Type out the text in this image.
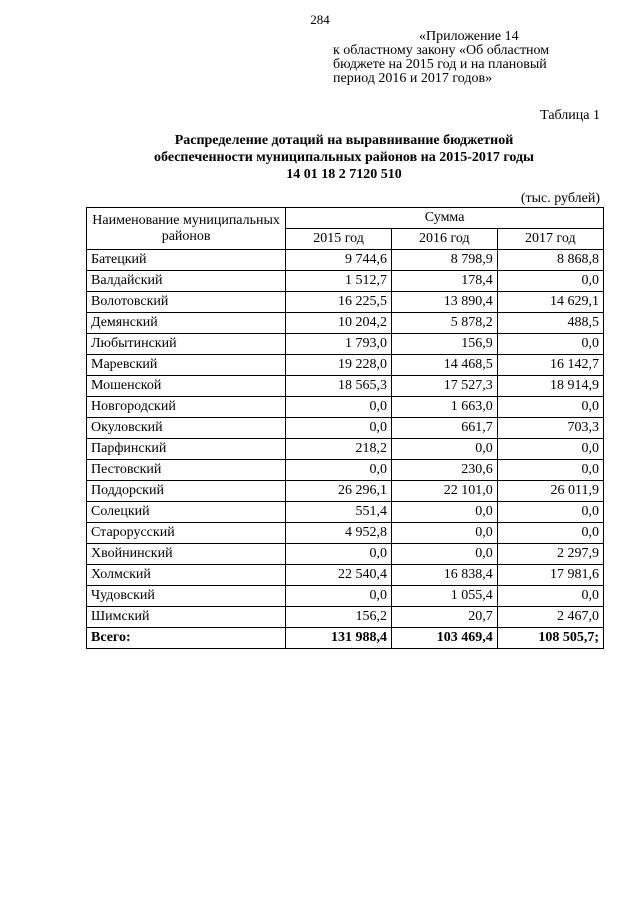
284
«Приложение 14
к областному закону «Об областном
бюджете на 2015 год и на плановый
период 2016 и 2017 годов»
Таблица 1
Распределение дотаций на выравнивание бюджетной
обеспеченности муниципальных районов на 2015-2017 годы
14 01 18 2 7120 510
(тыс. рублей)
Наименование муниципальных районов	Сумма		
	2015 год	2016 год	2017 год
Батецкий	9 744,6	8 798,9	8 868,8
Валдайский	1 512,7	178,4	0,0
Волотовский	16 225,5	13 890,4	14 629,1
Демянский	10 204,2	5 878,2	488,5
Любытинский	1 793,0	156,9	0,0
Маревский	19 228,0	14 468,5	16 142,7
Мошенской	18 565,3	17 527,3	18 914,9
Новгородский	0,0	1 663,0	0,0
Окуловский	0,0	661,7	703,3
Парфинский	218,2	0,0	0,0
Пестовский	0,0	230,6	0,0
Поддорский	26 296,1	22 101,0	26 011,9
Солецкий	551,4	0,0	0,0
Старорусский	4 952,8	0,0	0,0
Хвойнинский	0,0	0,0	2 297,9
Холмский	22 540,4	16 838,4	17 981,6
Чудовский	0,0	1 055,4	0,0
Шимский	156,2	20,7	2 467,0
Всего:	131 988,4	103 469,4	108 505,7;
